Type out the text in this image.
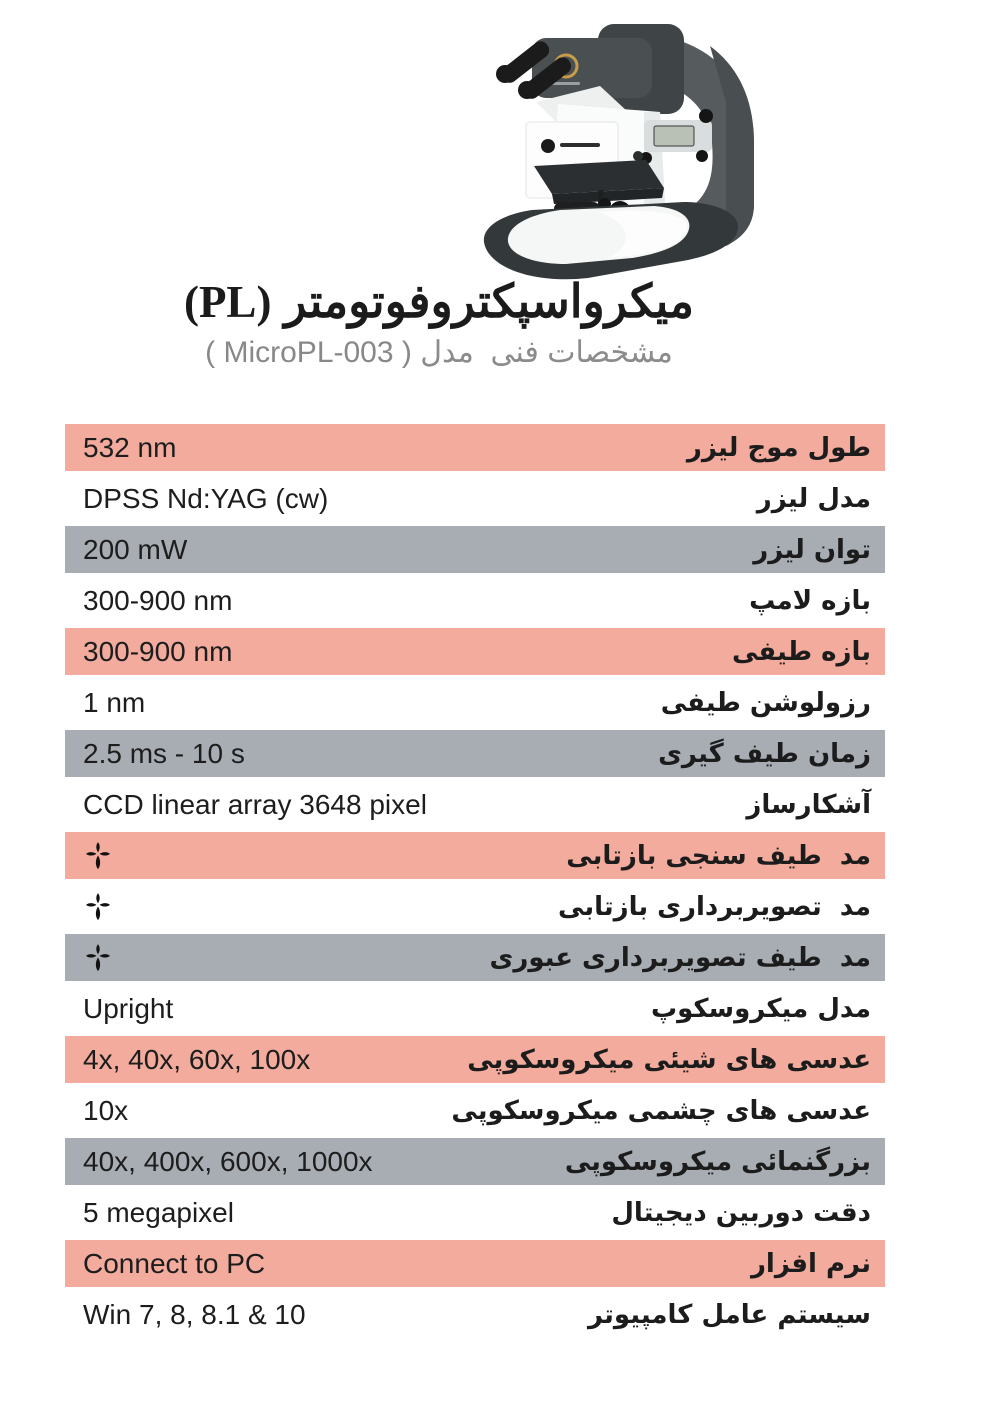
میکرواسپکتروفوتومتر (PL)
مشخصات فنی  مدل ( MicroPL-003 )
532 nm	طول موج لیزر
DPSS Nd:YAG (cw)	مدل لیزر
200 mW	توان لیزر
300-900 nm	بازه لامپ
300-900 nm	بازه طیفی
1 nm	رزولوشن طیفی
2.5 ms - 10 s	زمان طیف گیری
CCD linear array 3648 pixel	آشکارساز
مد  طیف سنجی بازتابی
مد  تصویربرداری بازتابی
مد  طیف تصویربرداری عبوری
Upright	مدل میکروسکوپ
4x, 40x, 60x, 100x	عدسی های شیئی میکروسکوپی
10x	عدسی های چشمی میکروسکوپی
40x, 400x, 600x, 1000x	بزرگنمائی میکروسکوپی
5 megapixel	دقت دوربین دیجیتال
Connect to PC	نرم افزار
Win 7, 8, 8.1 & 10	سیستم عامل کامپیوتر
